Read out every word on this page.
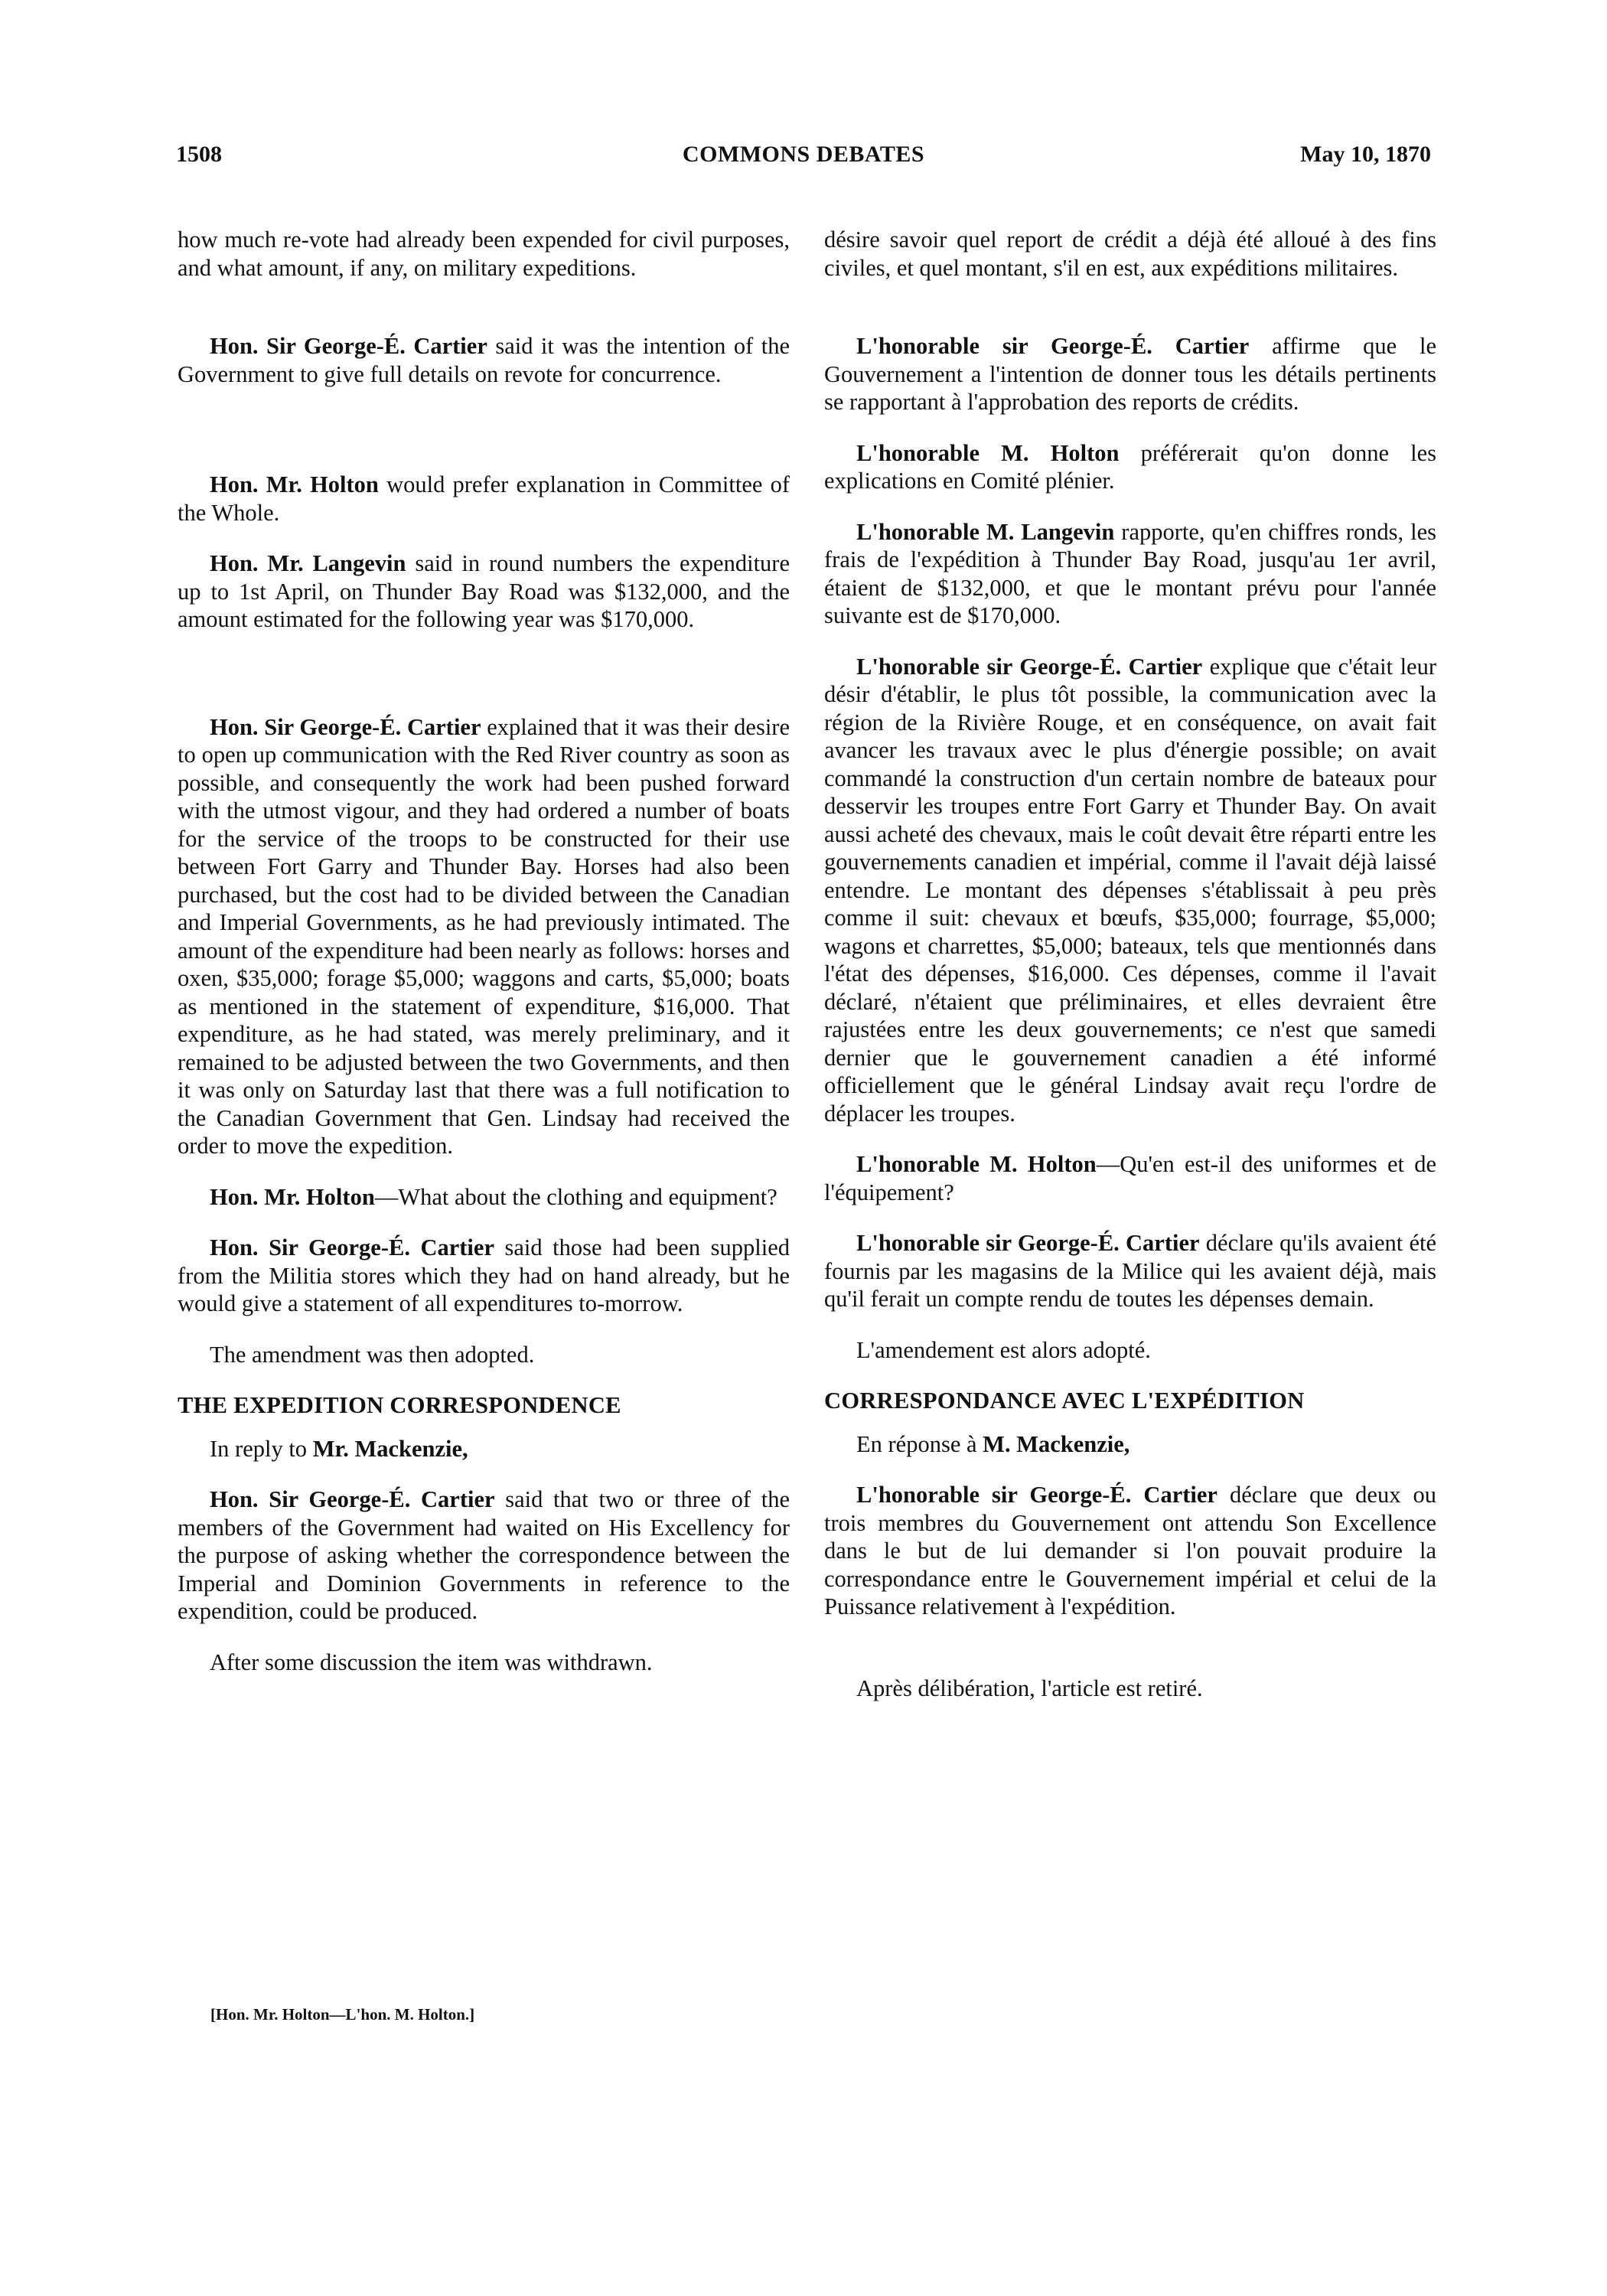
1508	COMMONS DEBATES	May 10, 1870

how much re-vote had already been expended for civil purposes, and what amount, if any, on military expeditions.

Hon. Sir George-É. Cartier said it was the intention of the Government to give full details on revote for concurrence.

Hon. Mr. Holton would prefer explanation in Committee of the Whole.

Hon. Mr. Langevin said in round numbers the expenditure up to 1st April, on Thunder Bay Road was $132,000, and the amount estimated for the following year was $170,000.

Hon. Sir George-É. Cartier explained that it was their desire to open up communication with the Red River country as soon as possible, and consequently the work had been pushed forward with the utmost vigour, and they had ordered a number of boats for the service of the troops to be constructed for their use between Fort Garry and Thunder Bay. Horses had also been purchased, but the cost had to be divided between the Canadian and Imperial Governments, as he had previously intimated. The amount of the expenditure had been nearly as follows: horses and oxen, $35,000; forage $5,000; waggons and carts, $5,000; boats as mentioned in the statement of expenditure, $16,000. That expenditure, as he had stated, was merely preliminary, and it remained to be adjusted between the two Governments, and then it was only on Saturday last that there was a full notification to the Canadian Government that Gen. Lindsay had received the order to move the expedition.

Hon. Mr. Holton—What about the clothing and equipment?

Hon. Sir George-É. Cartier said those had been supplied from the Militia stores which they had on hand already, but he would give a statement of all expenditures to-morrow.

The amendment was then adopted.

THE EXPEDITION CORRESPONDENCE

In reply to Mr. Mackenzie,

Hon. Sir George-É. Cartier said that two or three of the members of the Government had waited on His Excellency for the purpose of asking whether the correspondence between the Imperial and Dominion Governments in reference to the expendition, could be produced.

After some discussion the item was withdrawn.

désire savoir quel report de crédit a déjà été alloué à des fins civiles, et quel montant, s'il en est, aux expéditions militaires.

L'honorable sir George-É. Cartier affirme que le Gouvernement a l'intention de donner tous les détails pertinents se rapportant à l'approbation des reports de crédits.

L'honorable M. Holton préférerait qu'on donne les explications en Comité plénier.

L'honorable M. Langevin rapporte, qu'en chiffres ronds, les frais de l'expédition à Thunder Bay Road, jusqu'au 1er avril, étaient de $132,000, et que le montant prévu pour l'année suivante est de $170,000.

L'honorable sir George-É. Cartier explique que c'était leur désir d'établir, le plus tôt possible, la communication avec la région de la Rivière Rouge, et en conséquence, on avait fait avancer les travaux avec le plus d'énergie possible; on avait commandé la construction d'un certain nombre de bateaux pour desservir les troupes entre Fort Garry et Thunder Bay. On avait aussi acheté des chevaux, mais le coût devait être réparti entre les gouvernements canadien et impérial, comme il l'avait déjà laissé entendre. Le montant des dépenses s'établissait à peu près comme il suit: chevaux et bœufs, $35,000; fourrage, $5,000; wagons et charrettes, $5,000; bateaux, tels que mentionnés dans l'état des dépenses, $16,000. Ces dépenses, comme il l'avait déclaré, n'étaient que préliminaires, et elles devraient être rajustées entre les deux gouvernements; ce n'est que samedi dernier que le gouvernement canadien a été informé officiellement que le général Lindsay avait reçu l'ordre de déplacer les troupes.

L'honorable M. Holton—Qu'en est-il des uniformes et de l'équipement?

L'honorable sir George-É. Cartier déclare qu'ils avaient été fournis par les magasins de la Milice qui les avaient déjà, mais qu'il ferait un compte rendu de toutes les dépenses demain.

L'amendement est alors adopté.

CORRESPONDANCE AVEC L'EXPÉDITION

En réponse à M. Mackenzie,

L'honorable sir George-É. Cartier déclare que deux ou trois membres du Gouvernement ont attendu Son Excellence dans le but de lui demander si l'on pouvait produire la correspondance entre le Gouvernement impérial et celui de la Puissance relativement à l'expédition.

Après délibération, l'article est retiré.

[Hon. Mr. Holton—L'hon. M. Holton.]
